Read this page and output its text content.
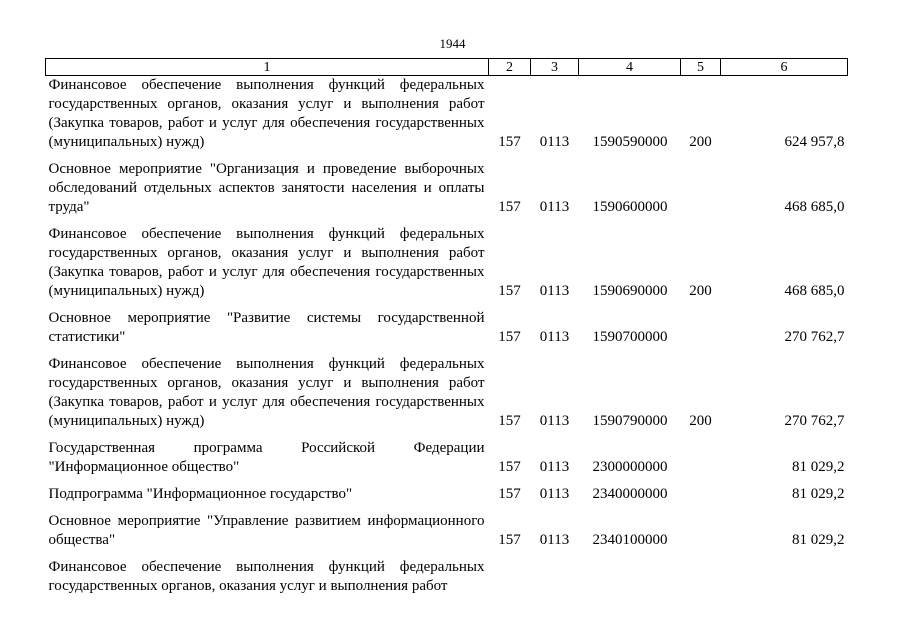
1944
1	2	3	4	5	6
Финансовое обеспечение выполнения функций федеральных государственных органов, оказания услуг и выполнения работ (Закупка товаров, работ и услуг для обеспечения государственных (муниципальных) нужд)	157	0113	1590590000	200	624 957,8
Основное мероприятие "Организация и проведение выборочных обследований отдельных аспектов занятости населения и оплаты труда"	157	0113	1590600000		468 685,0
Финансовое обеспечение выполнения функций федеральных государственных органов, оказания услуг и выполнения работ (Закупка товаров, работ и услуг для обеспечения государственных (муниципальных) нужд)	157	0113	1590690000	200	468 685,0
Основное мероприятие "Развитие системы государственной статистики"	157	0113	1590700000		270 762,7
Финансовое обеспечение выполнения функций федеральных государственных органов, оказания услуг и выполнения работ (Закупка товаров, работ и услуг для обеспечения государственных (муниципальных) нужд)	157	0113	1590790000	200	270 762,7
Государственная программа Российской Федерации "Информационное общество"	157	0113	2300000000		81 029,2
Подпрограмма "Информационное государство"	157	0113	2340000000		81 029,2
Основное мероприятие "Управление развитием информационного общества"	157	0113	2340100000		81 029,2
Финансовое обеспечение выполнения функций федеральных государственных органов, оказания услуг и выполнения работ					
